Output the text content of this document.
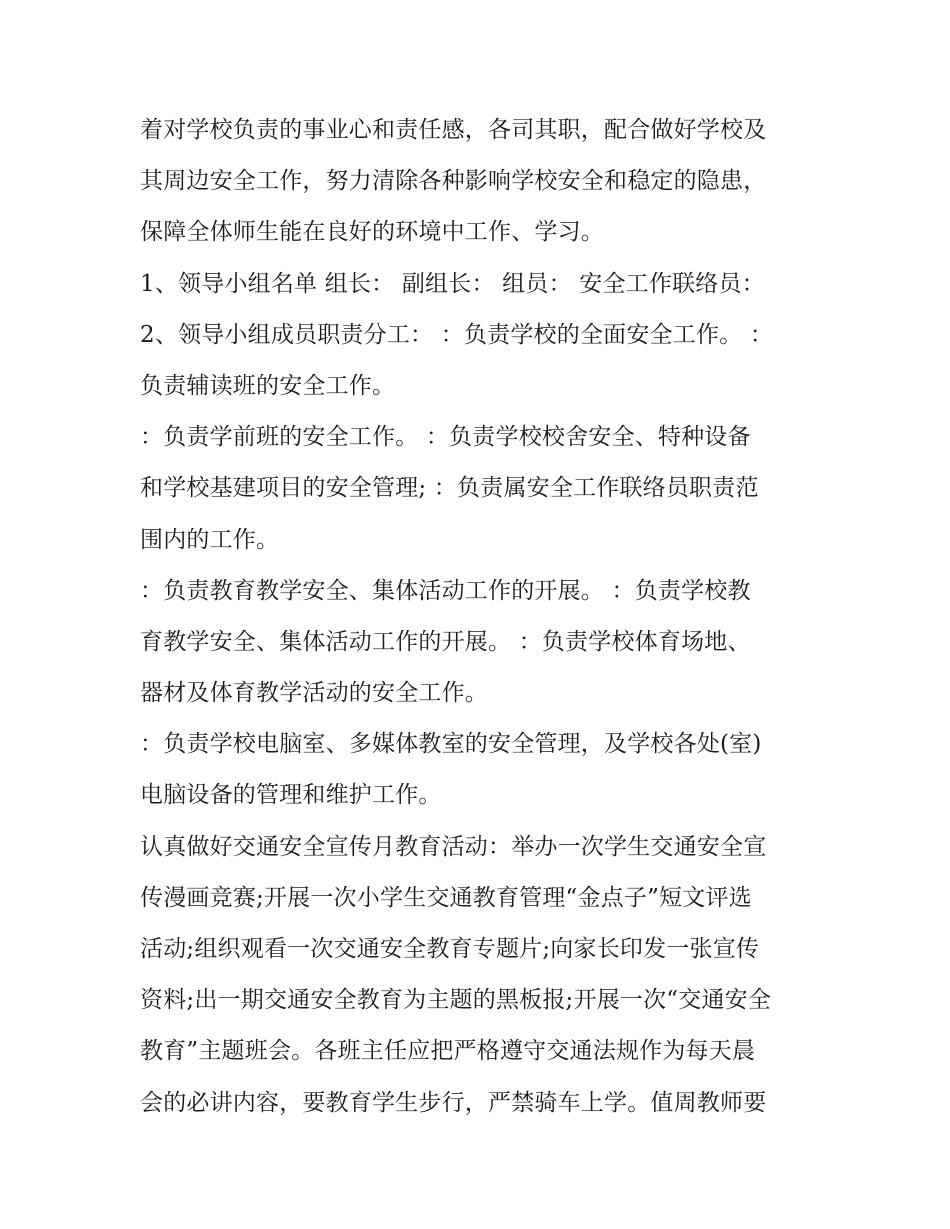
着对学校负责的事业心和责任感，各司其职，配合做好学校及
其周边安全工作，努力清除各种影响学校安全和稳定的隐患，
保障全体师生能在良好的环境中工作、学习。

1、领导小组名单 组长： 副组长： 组员： 安全工作联络员：

2、领导小组成员职责分工： ：负责学校的全面安全工作。 ：
负责辅读班的安全工作。

：负责学前班的安全工作。 ：负责学校校舍安全、特种设备
和学校基建项目的安全管理; ：负责属安全工作联络员职责范
围内的工作。

：负责教育教学安全、集体活动工作的开展。 ：负责学校教
育教学安全、集体活动工作的开展。 ：负责学校体育场地、
器材及体育教学活动的安全工作。

：负责学校电脑室、多媒体教室的安全管理，及学校各处(室)
电脑设备的管理和维护工作。

认真做好交通安全宣传月教育活动：举办一次学生交通安全宣
传漫画竞赛;开展一次小学生交通教育管理“金点子”短文评选
活动;组织观看一次交通安全教育专题片;向家长印发一张宣传
资料;出一期交通安全教育为主题的黑板报;开展一次“交通安全
教育”主题班会。各班主任应把严格遵守交通法规作为每天晨
会的必讲内容，要教育学生步行，严禁骑车上学。值周教师要
